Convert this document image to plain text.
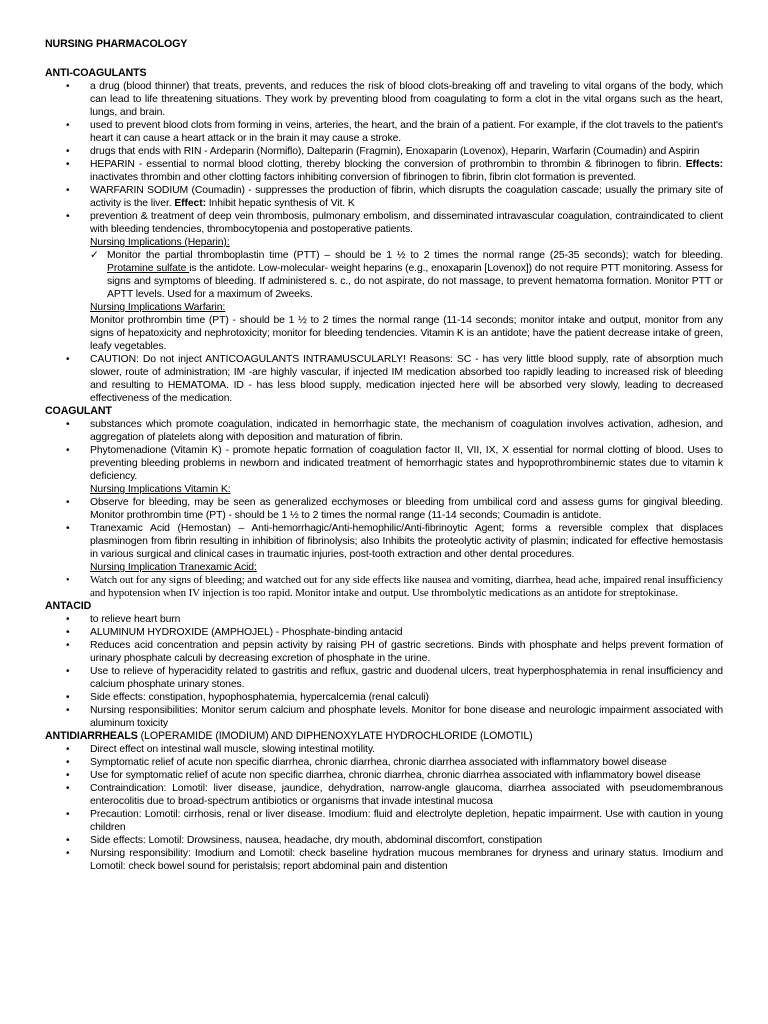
NURSING PHARMACOLOGY
ANTI-COAGULANTS
• a drug (blood thinner) that treats, prevents, and reduces the risk of blood clots-breaking off and traveling to vital organs of the body, which can lead to life threatening situations. They work by preventing blood from coagulating to form a clot in the vital organs such as the heart, lungs, and brain.
• used to prevent blood clots from forming in veins, arteries, the heart, and the brain of a patient. For example, if the clot travels to the patient's heart it can cause a heart attack or in the brain it may cause a stroke.
• drugs that ends with RIN - Ardeparin (Normiflo), Dalteparin (Fragmin), Enoxaparin (Lovenox), Heparin, Warfarin (Coumadin) and Aspirin
• HEPARIN - essential to normal blood clotting, thereby blocking the conversion of prothrombin to thrombin & fibrinogen to fibrin. Effects: inactivates thrombin and other clotting factors inhibiting conversion of fibrinogen to fibrin, fibrin clot formation is prevented.
• WARFARIN SODIUM (Coumadin) - suppresses the production of fibrin, which disrupts the coagulation cascade; usually the primary site of activity is the liver. Effect: Inhibit hepatic synthesis of Vit. K
• prevention & treatment of deep vein thrombosis, pulmonary embolism, and disseminated intravascular coagulation, contraindicated to client with bleeding tendencies, thrombocytopenia and postoperative patients.
Nursing Implications (Heparin):
✓ Monitor the partial thromboplastin time (PTT) – should be 1 ½ to 2 times the normal range (25-35 seconds); watch for bleeding. Protamine sulfate is the antidote. Low-molecular- weight heparins (e.g., enoxaparin [Lovenox]) do not require PTT monitoring. Assess for signs and symptoms of bleeding. If administered s. c., do not aspirate, do not massage, to prevent hematoma formation. Monitor PTT or APTT levels. Used for a maximum of 2weeks.
Nursing Implications Warfarin:
Monitor prothrombin time (PT) - should be 1 ½ to 2 times the normal range (11-14 seconds; monitor intake and output, monitor from any signs of hepatoxicity and nephrotoxicity; monitor for bleeding tendencies. Vitamin K is an antidote; have the patient decrease intake of green, leafy vegetables.
• CAUTION: Do not inject ANTICOAGULANTS INTRAMUSCULARLY! Reasons: SC - has very little blood supply, rate of absorption much slower, route of administration; IM -are highly vascular, if injected IM medication absorbed too rapidly leading to increased risk of bleeding and resulting to HEMATOMA. ID - has less blood supply, medication injected here will be absorbed very slowly, leading to decreased effectiveness of the medication.
COAGULANT
• substances which promote coagulation, indicated in hemorrhagic state, the mechanism of coagulation involves activation, adhesion, and aggregation of platelets along with deposition and maturation of fibrin.
• Phytomenadione (Vitamin K) - promote hepatic formation of coagulation factor II, VII, IX, X essential for normal clotting of blood. Uses to preventing bleeding problems in newborn and indicated treatment of hemorrhagic states and hypoprothrombinemic states due to vitamin k deficiency.
Nursing Implications Vitamin K:
• Observe for bleeding, may be seen as generalized ecchymoses or bleeding from umbilical cord and assess gums for gingival bleeding. Monitor prothrombin time (PT) - should be 1 ½ to 2 times the normal range (11-14 seconds; Coumadin is antidote.
• Tranexamic Acid (Hemostan) – Anti-hemorrhagic/Anti-hemophilic/Anti-fibrinoytic Agent; forms a reversible complex that displaces plasminogen from fibrin resulting in inhibition of fibrinolysis; also Inhibits the proteolytic activity of plasmin; indicated for effective hemostasis in various surgical and clinical cases in traumatic injuries, post-tooth extraction and other dental procedures.
Nursing Implication Tranexamic Acid:
• Watch out for any signs of bleeding; and watched out for any side effects like nausea and vomiting, diarrhea, head ache, impaired renal insufficiency and hypotension when IV injection is too rapid. Monitor intake and output. Use thrombolytic medications as an antidote for streptokinase.
ANTACID
• to relieve heart burn
• ALUMINUM HYDROXIDE (AMPHOJEL) - Phosphate-binding antacid
• Reduces acid concentration and pepsin activity by raising PH of gastric secretions. Binds with phosphate and helps prevent formation of urinary phosphate calculi by decreasing excretion of phosphate in the urine.
• Use to relieve of hyperacidity related to gastritis and reflux, gastric and duodenal ulcers, treat hyperphosphatemia in renal insufficiency and calcium phosphate urinary stones.
• Side effects: constipation, hypophosphatemia, hypercalcemia (renal calculi)
• Nursing responsibilities: Monitor serum calcium and phosphate levels. Monitor for bone disease and neurologic impairment associated with aluminum toxicity
ANTIDIARRHEALS (LOPERAMIDE (IMODIUM) AND DIPHENOXYLATE HYDROCHLORIDE (LOMOTIL)
• Direct effect on intestinal wall muscle, slowing intestinal motility.
• Symptomatic relief of acute non specific diarrhea, chronic diarrhea, chronic diarrhea associated with inflammatory bowel disease
• Use for symptomatic relief of acute non specific diarrhea, chronic diarrhea, chronic diarrhea associated with inflammatory bowel disease
• Contraindication: Lomotil: liver disease, jaundice, dehydration, narrow-angle glaucoma, diarrhea associated with pseudomembranous enterocolitis due to broad-spectrum antibiotics or organisms that invade intestinal mucosa
• Precaution: Lomotil: cirrhosis, renal or liver disease. Imodium: fluid and electrolyte depletion, hepatic impairment. Use with caution in young children
• Side effects: Lomotil: Drowsiness, nausea, headache, dry mouth, abdominal discomfort, constipation
• Nursing responsibility: Imodium and Lomotil: check baseline hydration mucous membranes for dryness and urinary status. Imodium and Lomotil: check bowel sound for peristalsis; report abdominal pain and distention
